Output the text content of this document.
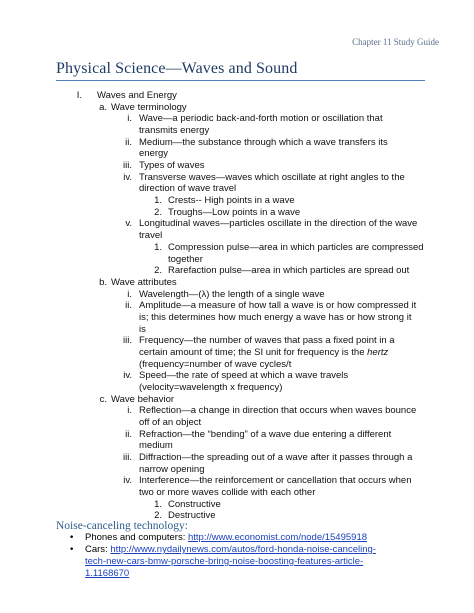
Chapter 11 Study Guide
Physical Science—Waves and Sound
I. Waves and Energy
a. Wave terminology
i. Wave—a periodic back-and-forth motion or oscillation that
transmits energy
ii. Medium—the substance through which a wave transfers its
energy
iii. Types of waves
iv. Transverse waves—waves which oscillate at right angles to the
direction of wave travel
1. Crests-- High points in a wave
2. Troughs—Low points in a wave
v. Longitudinal waves—particles oscillate in the direction of the wave
travel
1. Compression pulse—area in which particles are compressed
together
2. Rarefaction pulse—area in which particles are spread out
b. Wave attributes
i. Wavelength—(λ) the length of a single wave
ii. Amplitude—a measure of how tall a wave is or how compressed it
is; this determines how much energy a wave has or how strong it
is
iii. Frequency—the number of waves that pass a fixed point in a
certain amount of time; the SI unit for frequency is the hertz
(frequency=number of wave cycles/t
iv. Speed—the rate of speed at which a wave travels
(velocity=wavelength x frequency)
c. Wave behavior
i. Reflection—a change in direction that occurs when waves bounce
off of an object
ii. Refraction—the “bending” of a wave due entering a different
medium
iii. Diffraction—the spreading out of a wave after it passes through a
narrow opening
iv. Interference—the reinforcement or cancellation that occurs when
two or more waves collide with each other
1. Constructive
2. Destructive
Noise-canceling technology:
• Phones and computers: http://www.economist.com/node/15495918
• Cars: http://www.nydailynews.com/autos/ford-honda-noise-canceling-
tech-new-cars-bmw-porsche-bring-noise-boosting-features-article-
1.1168670
